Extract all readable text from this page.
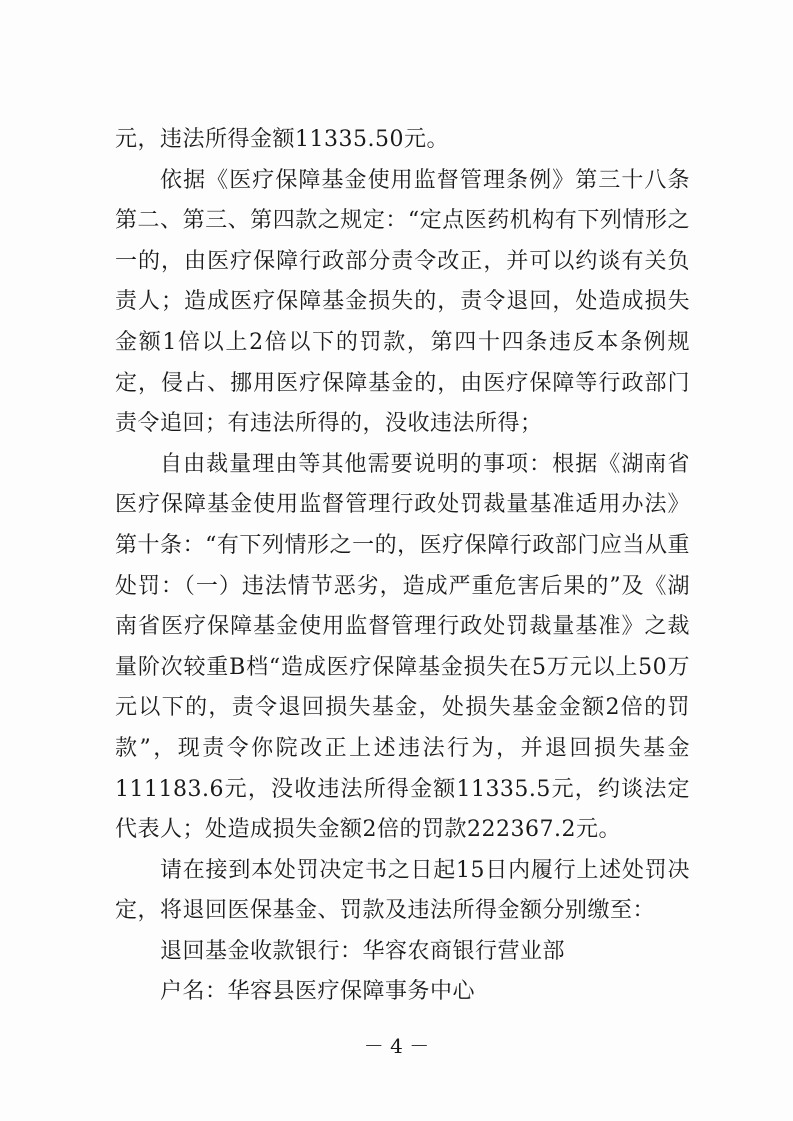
元，违法所得金额11335.50元。

依据《医疗保障基金使用监督管理条例》第三十八条第二、第三、第四款之规定：“定点医药机构有下列情形之一的，由医疗保障行政部分责令改正，并可以约谈有关负责人；造成医疗保障基金损失的，责令退回，处造成损失金额1倍以上2倍以下的罚款，第四十四条违反本条例规定，侵占、挪用医疗保障基金的，由医疗保障等行政部门责令追回；有违法所得的，没收违法所得；

自由裁量理由等其他需要说明的事项：根据《湖南省医疗保障基金使用监督管理行政处罚裁量基准适用办法》第十条：“有下列情形之一的，医疗保障行政部门应当从重处罚：（一）违法情节恶劣，造成严重危害后果的”及《湖南省医疗保障基金使用监督管理行政处罚裁量基准》之裁量阶次较重B档“造成医疗保障基金损失在5万元以上50万元以下的，责令退回损失基金，处损失基金金额2倍的罚款”，现责令你院改正上述违法行为，并退回损失基金111183.6元，没收违法所得金额11335.5元，约谈法定代表人；处造成损失金额2倍的罚款222367.2元。

请在接到本处罚决定书之日起15日内履行上述处罚决定，将退回医保基金、罚款及违法所得金额分别缴至：

退回基金收款银行：华容农商银行营业部

户名：华容县医疗保障事务中心

－ 4 －
